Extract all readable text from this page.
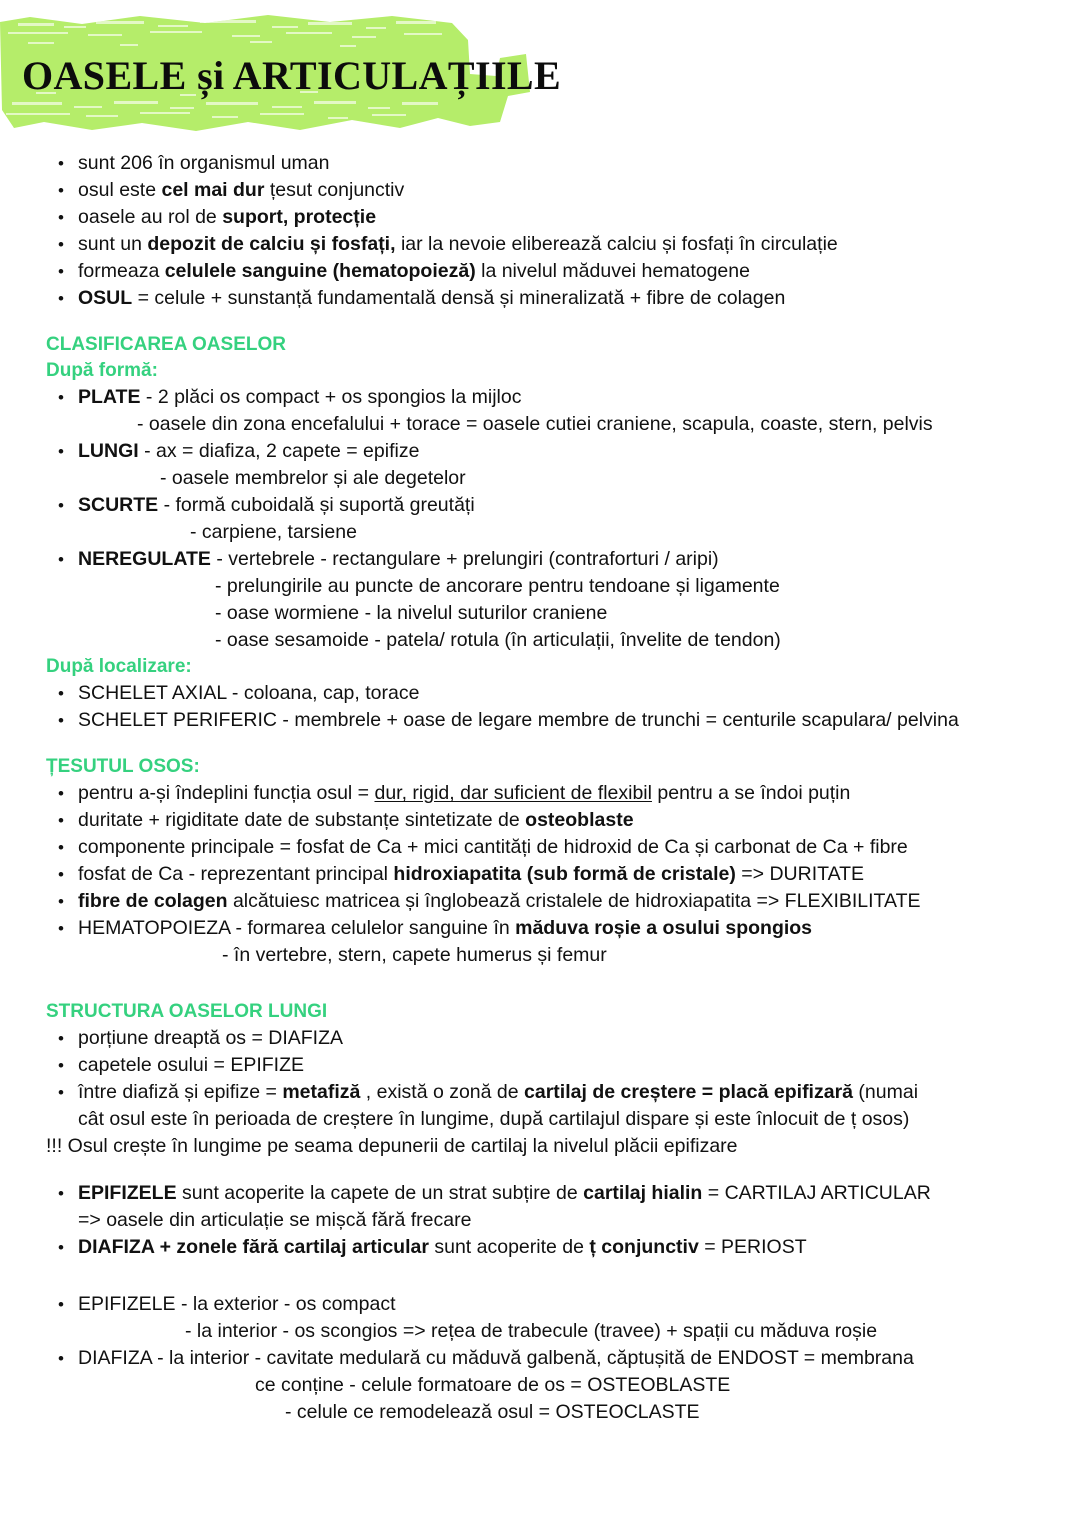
OASELE și ARTICULAȚIILE
• sunt 206 în organismul uman
• osul este cel mai dur țesut conjunctiv
• oasele au rol de suport, protecție
• sunt un depozit de calciu și fosfați, iar la nevoie eliberează calciu și fosfați în circulație
• formeaza celulele sanguine (hematopoieză) la nivelul măduvei hematogene
• OSUL = celule + sunstanță fundamentală densă și mineralizată + fibre de colagen
CLASIFICAREA OASELOR
După formă:
• PLATE - 2 plăci os compact + os spongios la mijloc
- oasele din zona encefalului + torace = oasele cutiei craniene, scapula, coaste, stern, pelvis
• LUNGI - ax = diafiza, 2 capete = epifize
- oasele membrelor și ale degetelor
• SCURTE - formă cuboidală și suportă greutăți
- carpiene, tarsiene
• NEREGULATE - vertebrele - rectangulare + prelungiri (contraforturi / aripi)
- prelungirile au puncte de ancorare pentru tendoane și ligamente
- oase wormiene - la nivelul suturilor craniene
- oase sesamoide - patela/ rotula (în articulații, învelite de tendon)
După localizare:
• SCHELET AXIAL - coloana, cap, torace
• SCHELET PERIFERIC - membrele + oase de legare membre de trunchi = centurile scapulara/ pelvina
ȚESUTUL OSOS:
• pentru a-și îndeplini funcția osul = dur, rigid, dar suficient de flexibil pentru a se îndoi puțin
• duritate + rigiditate date de substanțe sintetizate de osteoblaste
• componente principale = fosfat de Ca + mici cantități de hidroxid de Ca și carbonat de Ca + fibre
• fosfat de Ca - reprezentant principal hidroxiapatita (sub formă de cristale) => DURITATE
• fibre de colagen alcătuiesc matricea și înglobează cristalele de hidroxiapatita => FLEXIBILITATE
• HEMATOPOIEZA - formarea celulelor sanguine în măduva roșie a osului spongios
- în vertebre, stern, capete humerus și femur
STRUCTURA OASELOR LUNGI
• porțiune dreaptă os = DIAFIZA
• capetele osului = EPIFIZE
• între diafiză și epifize = metafiză , există o zonă de cartilaj de creștere = placă epifizară (numai
cât osul este în perioada de creștere în lungime, după cartilajul dispare și este înlocuit de ț osos)
!!! Osul crește în lungime pe seama depunerii de cartilaj la nivelul plăcii epifizare
• EPIFIZELE sunt acoperite la capete de un strat subțire de cartilaj hialin = CARTILAJ ARTICULAR
=> oasele din articulație se mișcă fără frecare
• DIAFIZA + zonele fără cartilaj articular sunt acoperite de ț conjunctiv = PERIOST
• EPIFIZELE - la exterior - os compact
- la interior - os scongios => rețea de trabecule (travee) + spații cu măduva roșie
• DIAFIZA - la interior - cavitate medulară cu măduvă galbenă, căptușită de ENDOST = membrana
ce conține - celule formatoare de os = OSTEOBLASTE
- celule ce remodelează osul = OSTEOCLASTE
